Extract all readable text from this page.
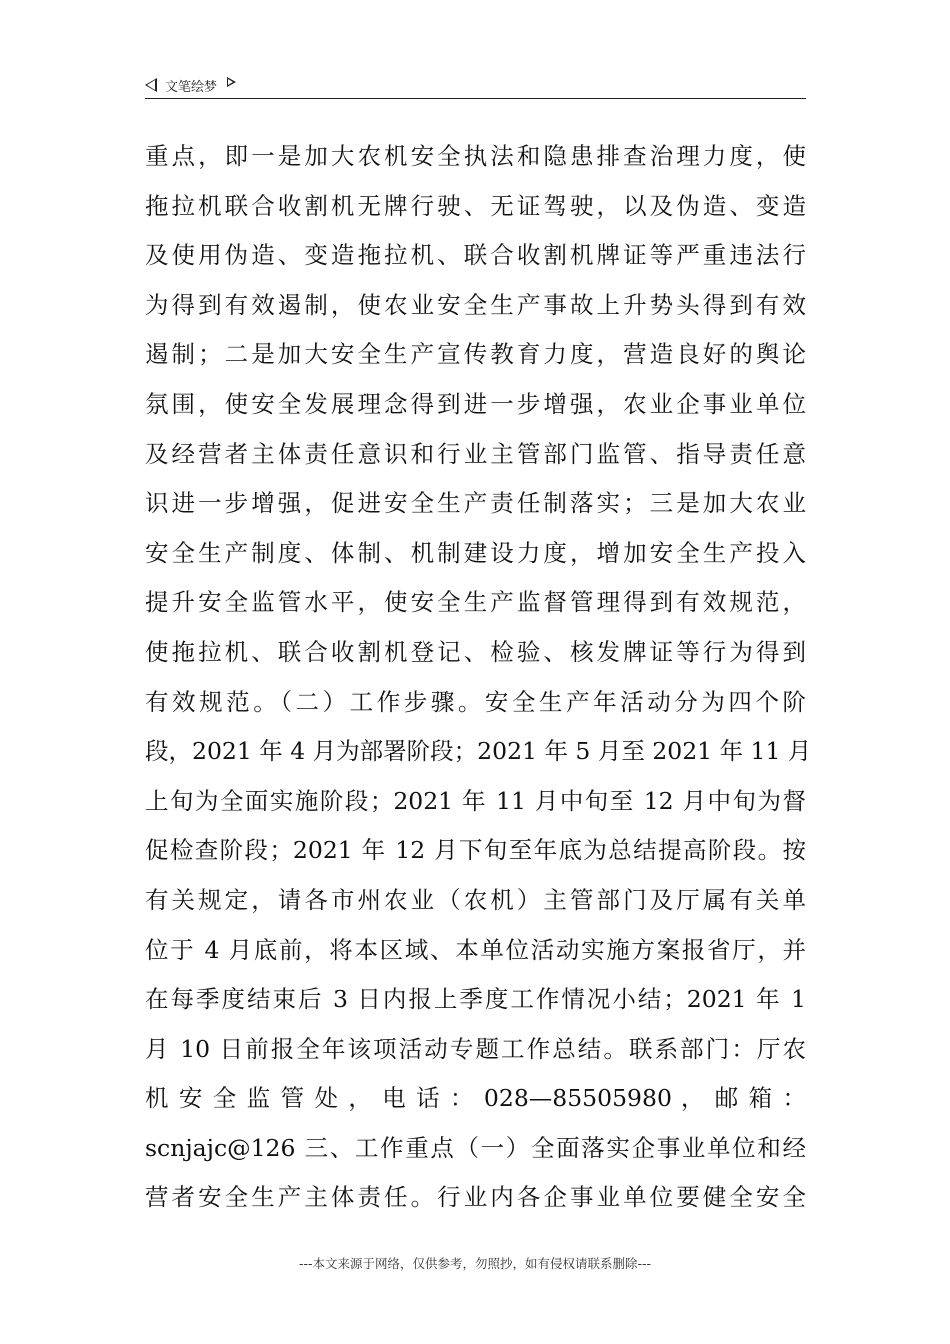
文笔绘梦
重点，即一是加大农机安全执法和隐患排查治理力度，使
拖拉机联合收割机无牌行驶、无证驾驶，以及伪造、变造
及使用伪造、变造拖拉机、联合收割机牌证等严重违法行
为得到有效遏制，使农业安全生产事故上升势头得到有效
遏制；二是加大安全生产宣传教育力度，营造良好的舆论
氛围，使安全发展理念得到进一步增强，农业企事业单位
及经营者主体责任意识和行业主管部门监管、指导责任意
识进一步增强，促进安全生产责任制落实；三是加大农业
安全生产制度、体制、机制建设力度，增加安全生产投入
提升安全监管水平，使安全生产监督管理得到有效规范，
使拖拉机、联合收割机登记、检验、核发牌证等行为得到
有效规范。（二）工作步骤。安全生产年活动分为四个阶
段，2021 年 4 月为部署阶段；2021 年 5 月至 2021 年 11 月
上旬为全面实施阶段；2021 年 11 月中旬至 12 月中旬为督
促检查阶段；2021 年 12 月下旬至年底为总结提高阶段。按
有关规定，请各市州农业（农机）主管部门及厅属有关单
位于 4 月底前，将本区域、本单位活动实施方案报省厅，并
在每季度结束后 3 日内报上季度工作情况小结；2021 年 1
月 10 日前报全年该项活动专题工作总结。联系部门：厅农
机 安 全 监 管 处 ， 电 话 ： 028—85505980 ， 邮 箱 ：
scnjajc@126 三、工作重点（一）全面落实企事业单位和经
营者安全生产主体责任。行业内各企事业单位要健全安全
---本文来源于网络，仅供参考，勿照抄，如有侵权请联系删除---
